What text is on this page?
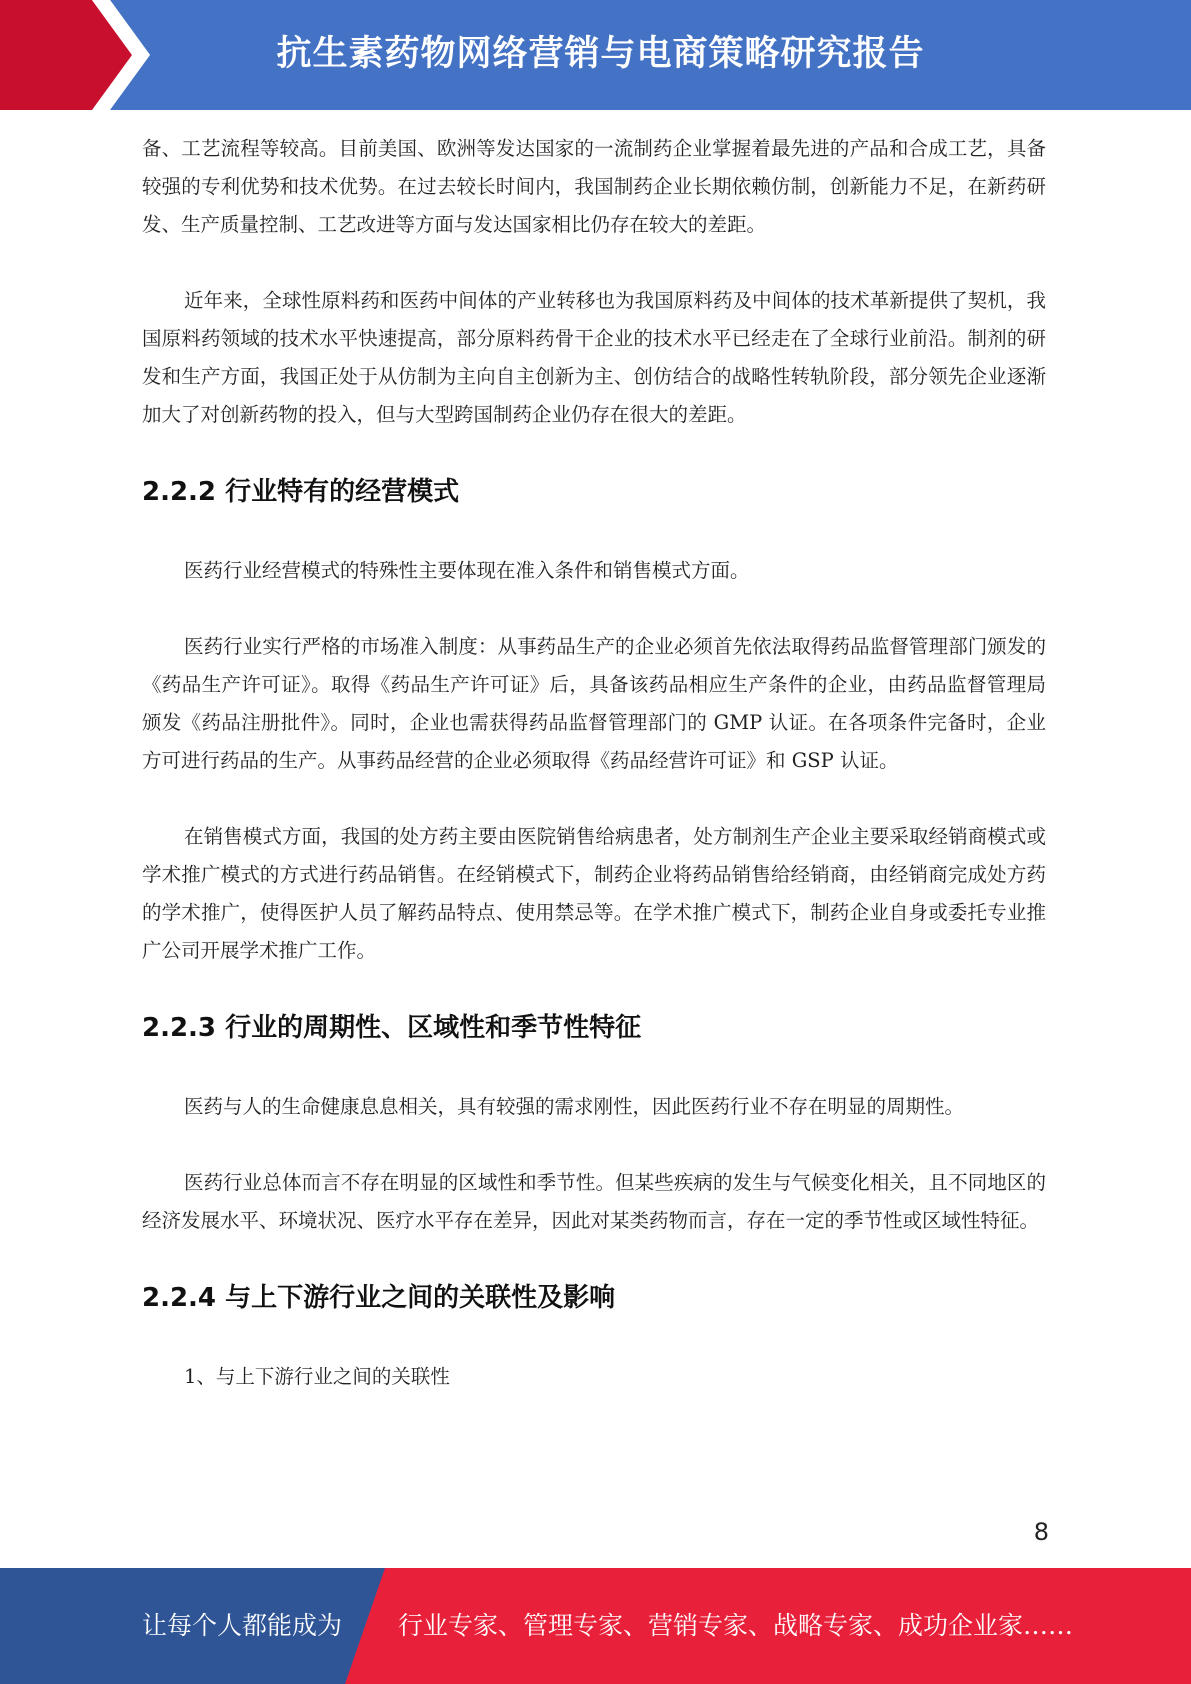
抗生素药物网络营销与电商策略研究报告

备、工艺流程等较高。目前美国、欧洲等发达国家的一流制药企业掌握着最先进的产品和合成工艺，具备较强的专利优势和技术优势。在过去较长时间内，我国制药企业长期依赖仿制，创新能力不足，在新药研发、生产质量控制、工艺改进等方面与发达国家相比仍存在较大的差距。

近年来，全球性原料药和医药中间体的产业转移也为我国原料药及中间体的技术革新提供了契机，我国原料药领域的技术水平快速提高，部分原料药骨干企业的技术水平已经走在了全球行业前沿。制剂的研发和生产方面，我国正处于从仿制为主向自主创新为主、创仿结合的战略性转轨阶段，部分领先企业逐渐加大了对创新药物的投入，但与大型跨国制药企业仍存在很大的差距。

2.2.2 行业特有的经营模式

医药行业经营模式的特殊性主要体现在准入条件和销售模式方面。

医药行业实行严格的市场准入制度：从事药品生产的企业必须首先依法取得药品监督管理部门颁发的《药品生产许可证》。取得《药品生产许可证》后，具备该药品相应生产条件的企业，由药品监督管理局颁发《药品注册批件》。同时，企业也需获得药品监督管理部门的 GMP 认证。在各项条件完备时，企业方可进行药品的生产。从事药品经营的企业必须取得《药品经营许可证》和 GSP 认证。

在销售模式方面，我国的处方药主要由医院销售给病患者，处方制剂生产企业主要采取经销商模式或学术推广模式的方式进行药品销售。在经销模式下，制药企业将药品销售给经销商，由经销商完成处方药的学术推广，使得医护人员了解药品特点、使用禁忌等。在学术推广模式下，制药企业自身或委托专业推广公司开展学术推广工作。

2.2.3 行业的周期性、区域性和季节性特征

医药与人的生命健康息息相关，具有较强的需求刚性，因此医药行业不存在明显的周期性。

医药行业总体而言不存在明显的区域性和季节性。但某些疾病的发生与气候变化相关，且不同地区的经济发展水平、环境状况、医疗水平存在差异，因此对某类药物而言，存在一定的季节性或区域性特征。

2.2.4 与上下游行业之间的关联性及影响

1、与上下游行业之间的关联性

8
让每个人都能成为 行业专家、管理专家、营销专家、战略专家、成功企业家……
